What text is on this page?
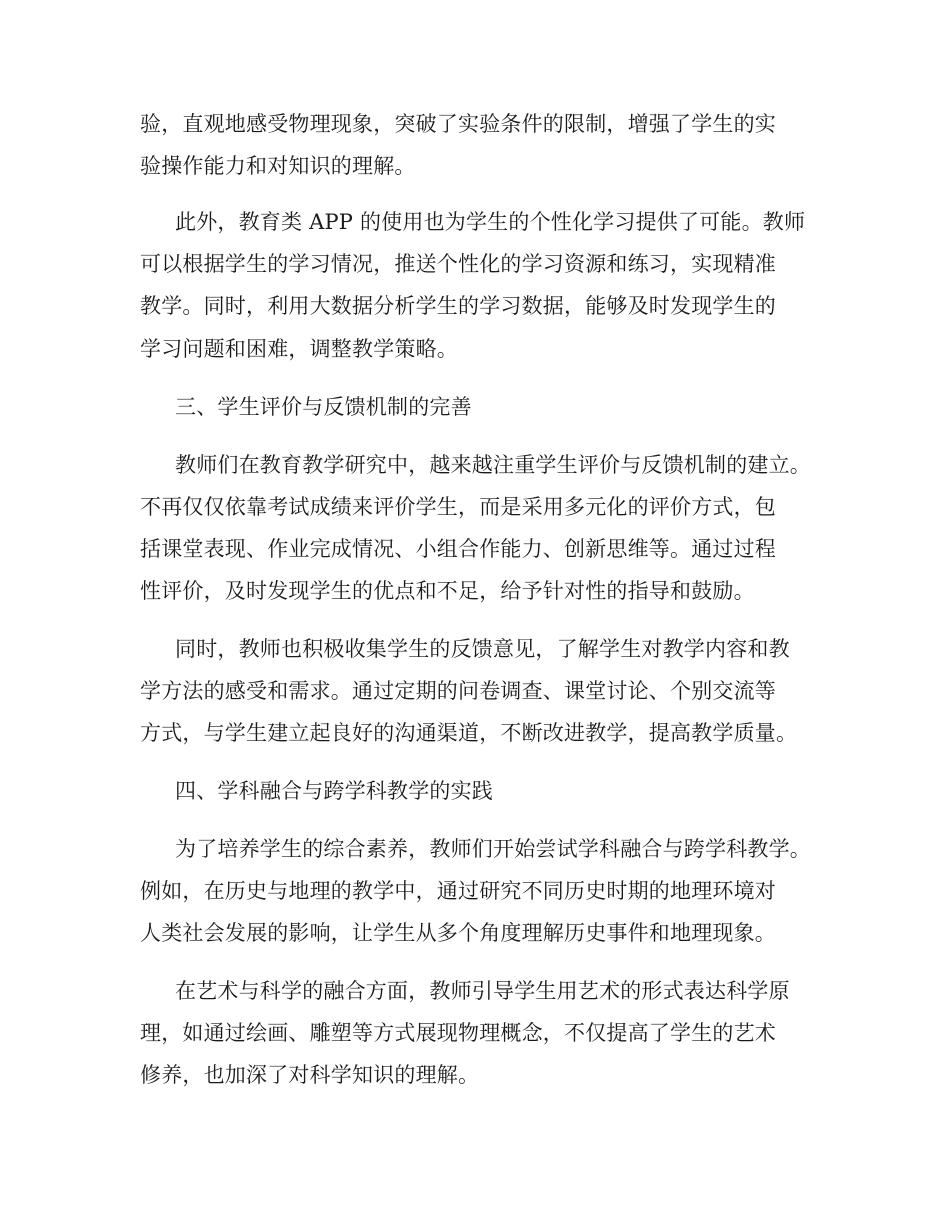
验，直观地感受物理现象，突破了实验条件的限制，增强了学生的实
验操作能力和对知识的理解。
此外，教育类 APP 的使用也为学生的个性化学习提供了可能。教师
可以根据学生的学习情况，推送个性化的学习资源和练习，实现精准
教学。同时，利用大数据分析学生的学习数据，能够及时发现学生的
学习问题和困难，调整教学策略。
三、学生评价与反馈机制的完善
教师们在教育教学研究中，越来越注重学生评价与反馈机制的建立。
不再仅仅依靠考试成绩来评价学生，而是采用多元化的评价方式，包
括课堂表现、作业完成情况、小组合作能力、创新思维等。通过过程
性评价，及时发现学生的优点和不足，给予针对性的指导和鼓励。
同时，教师也积极收集学生的反馈意见，了解学生对教学内容和教
学方法的感受和需求。通过定期的问卷调查、课堂讨论、个别交流等
方式，与学生建立起良好的沟通渠道，不断改进教学，提高教学质量。
四、学科融合与跨学科教学的实践
为了培养学生的综合素养，教师们开始尝试学科融合与跨学科教学。
例如，在历史与地理的教学中，通过研究不同历史时期的地理环境对
人类社会发展的影响，让学生从多个角度理解历史事件和地理现象。
在艺术与科学的融合方面，教师引导学生用艺术的形式表达科学原
理，如通过绘画、雕塑等方式展现物理概念，不仅提高了学生的艺术
修养，也加深了对科学知识的理解。
